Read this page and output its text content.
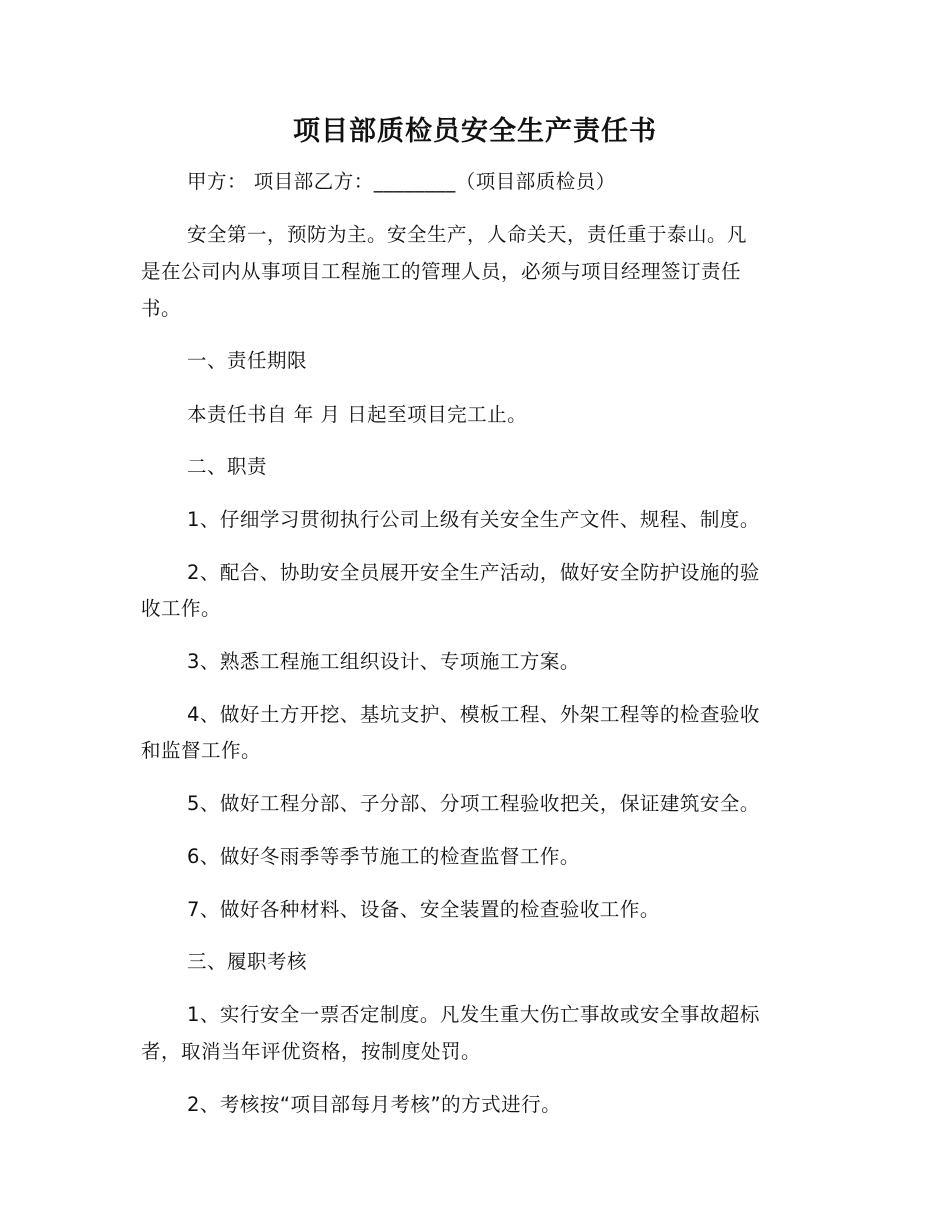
项目部质检员安全生产责任书
甲方： 项目部乙方：________（项目部质检员）
安全第一，预防为主。安全生产，人命关天，责任重于泰山。凡
是在公司内从事项目工程施工的管理人员，必须与项目经理签订责任
书。
一、责任期限
本责任书自 年 月 日起至项目完工止。
二、职责
1、仔细学习贯彻执行公司上级有关安全生产文件、规程、制度。
2、配合、协助安全员展开安全生产活动，做好安全防护设施的验
收工作。
3、熟悉工程施工组织设计、专项施工方案。
4、做好土方开挖、基坑支护、模板工程、外架工程等的检查验收
和监督工作。
5、做好工程分部、子分部、分项工程验收把关，保证建筑安全。
6、做好冬雨季等季节施工的检查监督工作。
7、做好各种材料、设备、安全装置的检查验收工作。
三、履职考核
1、实行安全一票否定制度。凡发生重大伤亡事故或安全事故超标
者，取消当年评优资格，按制度处罚。
2、考核按“项目部每月考核”的方式进行。
